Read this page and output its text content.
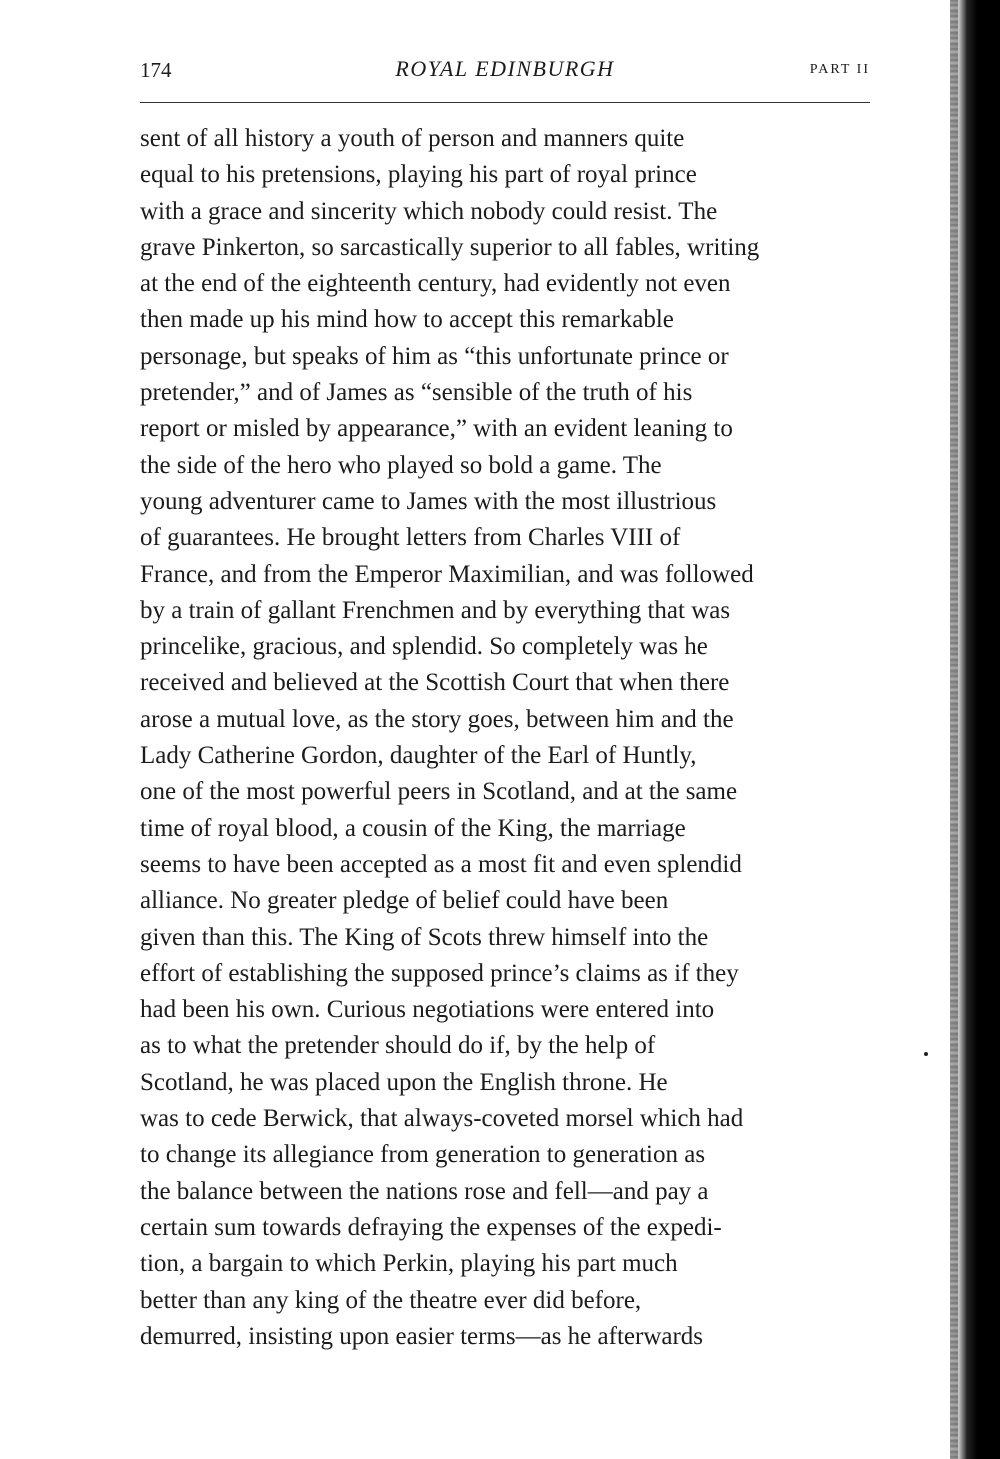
174	ROYAL EDINBURGH	PART II
sent of all history a youth of person and manners quite
equal to his pretensions, playing his part of royal prince
with a grace and sincerity which nobody could resist. The
grave Pinkerton, so sarcastically superior to all fables, writing
at the end of the eighteenth century, had evidently not even
then made up his mind how to accept this remarkable
personage, but speaks of him as “this unfortunate prince or
pretender,” and of James as “sensible of the truth of his
report or misled by appearance,” with an evident leaning to
the side of the hero who played so bold a game. The
young adventurer came to James with the most illustrious
of guarantees. He brought letters from Charles VIII of
France, and from the Emperor Maximilian, and was followed
by a train of gallant Frenchmen and by everything that was
princelike, gracious, and splendid. So completely was he
received and believed at the Scottish Court that when there
arose a mutual love, as the story goes, between him and the
Lady Catherine Gordon, daughter of the Earl of Huntly,
one of the most powerful peers in Scotland, and at the same
time of royal blood, a cousin of the King, the marriage
seems to have been accepted as a most fit and even splendid
alliance. No greater pledge of belief could have been
given than this. The King of Scots threw himself into the
effort of establishing the supposed prince’s claims as if they
had been his own. Curious negotiations were entered into
as to what the pretender should do if, by the help of
Scotland, he was placed upon the English throne. He
was to cede Berwick, that always-coveted morsel which had
to change its allegiance from generation to generation as
the balance between the nations rose and fell—and pay a
certain sum towards defraying the expenses of the expedi-
tion, a bargain to which Perkin, playing his part much
better than any king of the theatre ever did before,
demurred, insisting upon easier terms—as he afterwards
